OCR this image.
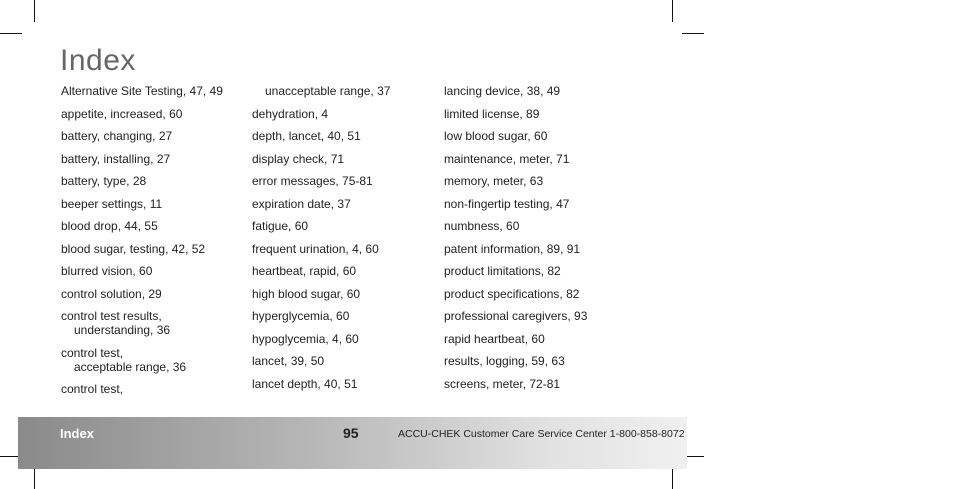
Index
Alternative Site Testing, 47, 49
appetite, increased, 60
battery, changing, 27
battery, installing, 27
battery, type, 28
beeper settings, 11
blood drop, 44, 55
blood sugar, testing, 42, 52
blurred vision, 60
control solution, 29
control test results,
understanding, 36
control test,
acceptable range, 36
control test,
unacceptable range, 37
dehydration, 4
depth, lancet, 40, 51
display check, 71
error messages, 75-81
expiration date, 37
fatigue, 60
frequent urination, 4, 60
heartbeat, rapid, 60
high blood sugar, 60
hyperglycemia, 60
hypoglycemia, 4, 60
lancet, 39, 50
lancet depth, 40, 51
lancing device, 38, 49
limited license, 89
low blood sugar, 60
maintenance, meter, 71
memory, meter, 63
non-fingertip testing, 47
numbness, 60
patent information, 89, 91
product limitations, 82
product specifications, 82
professional caregivers, 93
rapid heartbeat, 60
results, logging, 59, 63
screens, meter, 72-81
Index	95	ACCU-CHEK Customer Care Service Center 1-800-858-8072
